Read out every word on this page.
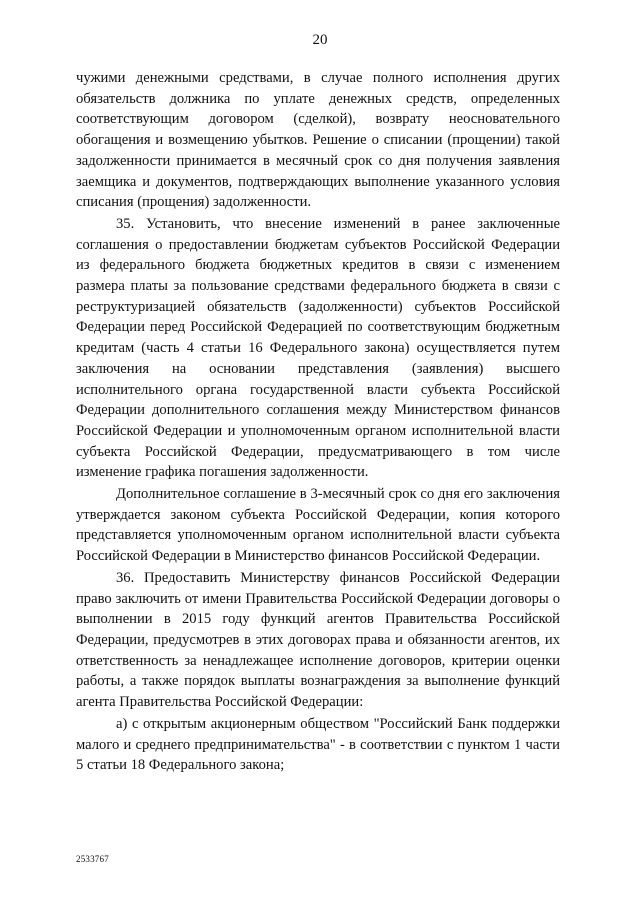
20

чужими денежными средствами, в случае полного исполнения других обязательств должника по уплате денежных средств, определенных соответствующим договором (сделкой), возврату неосновательного обогащения и возмещению убытков. Решение о списании (прощении) такой задолженности принимается в месячный срок со дня получения заявления заемщика и документов, подтверждающих выполнение указанного условия списания (прощения) задолженности.

35. Установить, что внесение изменений в ранее заключенные соглашения о предоставлении бюджетам субъектов Российской Федерации из федерального бюджета бюджетных кредитов в связи с изменением размера платы за пользование средствами федерального бюджета в связи с реструктуризацией обязательств (задолженности) субъектов Российской Федерации перед Российской Федерацией по соответствующим бюджетным кредитам (часть 4 статьи 16 Федерального закона) осуществляется путем заключения на основании представления (заявления) высшего исполнительного органа государственной власти субъекта Российской Федерации дополнительного соглашения между Министерством финансов Российской Федерации и уполномоченным органом исполнительной власти субъекта Российской Федерации, предусматривающего в том числе изменение графика погашения задолженности.

Дополнительное соглашение в 3-месячный срок со дня его заключения утверждается законом субъекта Российской Федерации, копия которого представляется уполномоченным органом исполнительной власти субъекта Российской Федерации в Министерство финансов Российской Федерации.

36. Предоставить Министерству финансов Российской Федерации право заключить от имени Правительства Российской Федерации договоры о выполнении в 2015 году функций агентов Правительства Российской Федерации, предусмотрев в этих договорах права и обязанности агентов, их ответственность за ненадлежащее исполнение договоров, критерии оценки работы, а также порядок выплаты вознаграждения за выполнение функций агента Правительства Российской Федерации:

а) с открытым акционерным обществом "Российский Банк поддержки малого и среднего предпринимательства" - в соответствии с пунктом 1 части 5 статьи 18 Федерального закона;

2533767
